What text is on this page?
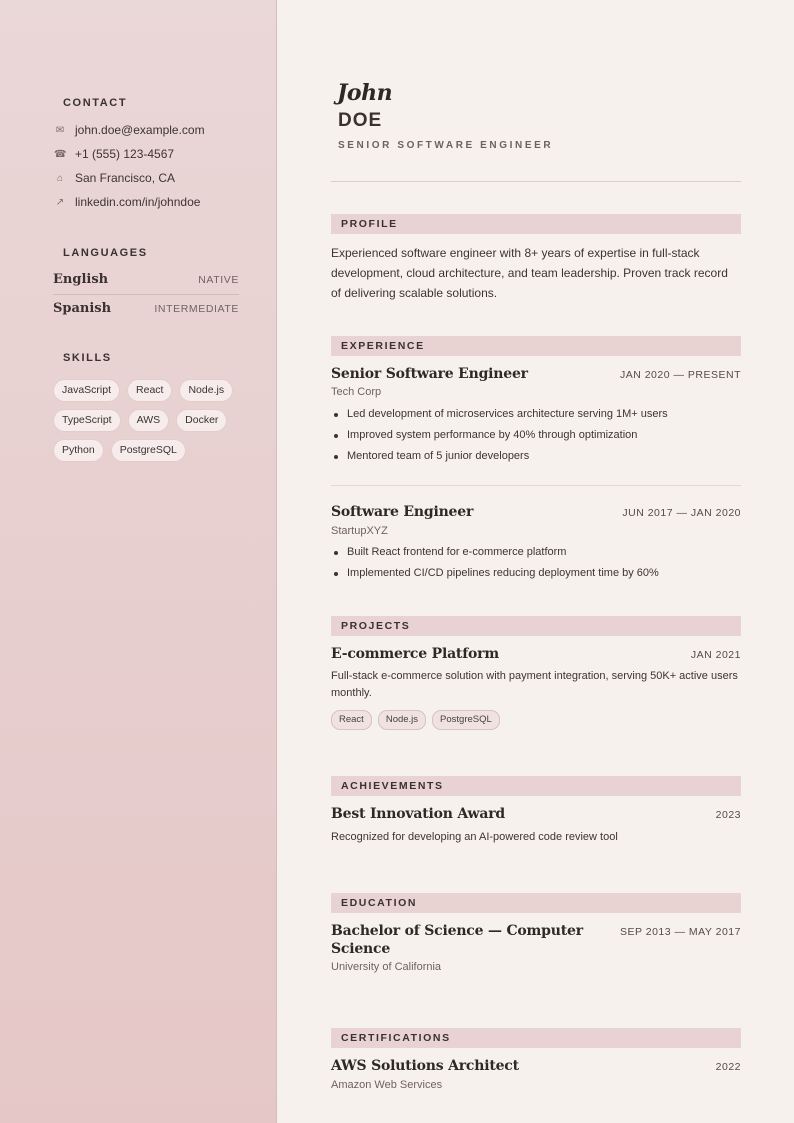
CONTACT
✉ john.doe@example.com
☎ +1 (555) 123-4567
⌂ San Francisco, CA
↗ linkedin.com/in/johndoe
LANGUAGES
English	NATIVE
Spanish	INTERMEDIATE
SKILLS
JavaScript	React	Node.js
TypeScript	AWS	Docker
Python	PostgreSQL
John
DOE
SENIOR SOFTWARE ENGINEER
PROFILE
Experienced software engineer with 8+ years of expertise in full-stack development, cloud architecture, and team leadership. Proven track record of delivering scalable solutions.
EXPERIENCE
Senior Software Engineer	JAN 2020 — PRESENT
Tech Corp
Led development of microservices architecture serving 1M+ users
Improved system performance by 40% through optimization
Mentored team of 5 junior developers
Software Engineer	JUN 2017 — JAN 2020
StartupXYZ
Built React frontend for e-commerce platform
Implemented CI/CD pipelines reducing deployment time by 60%
PROJECTS
E-commerce Platform	JAN 2021
Full-stack e-commerce solution with payment integration, serving 50K+ active users monthly.
React	Node.js	PostgreSQL
ACHIEVEMENTS
Best Innovation Award	2023
Recognized for developing an AI-powered code review tool
EDUCATION
Bachelor of Science — Computer
Science
SEP 2013 — MAY 2017
University of California
CERTIFICATIONS
AWS Solutions Architect	2022
Amazon Web Services
